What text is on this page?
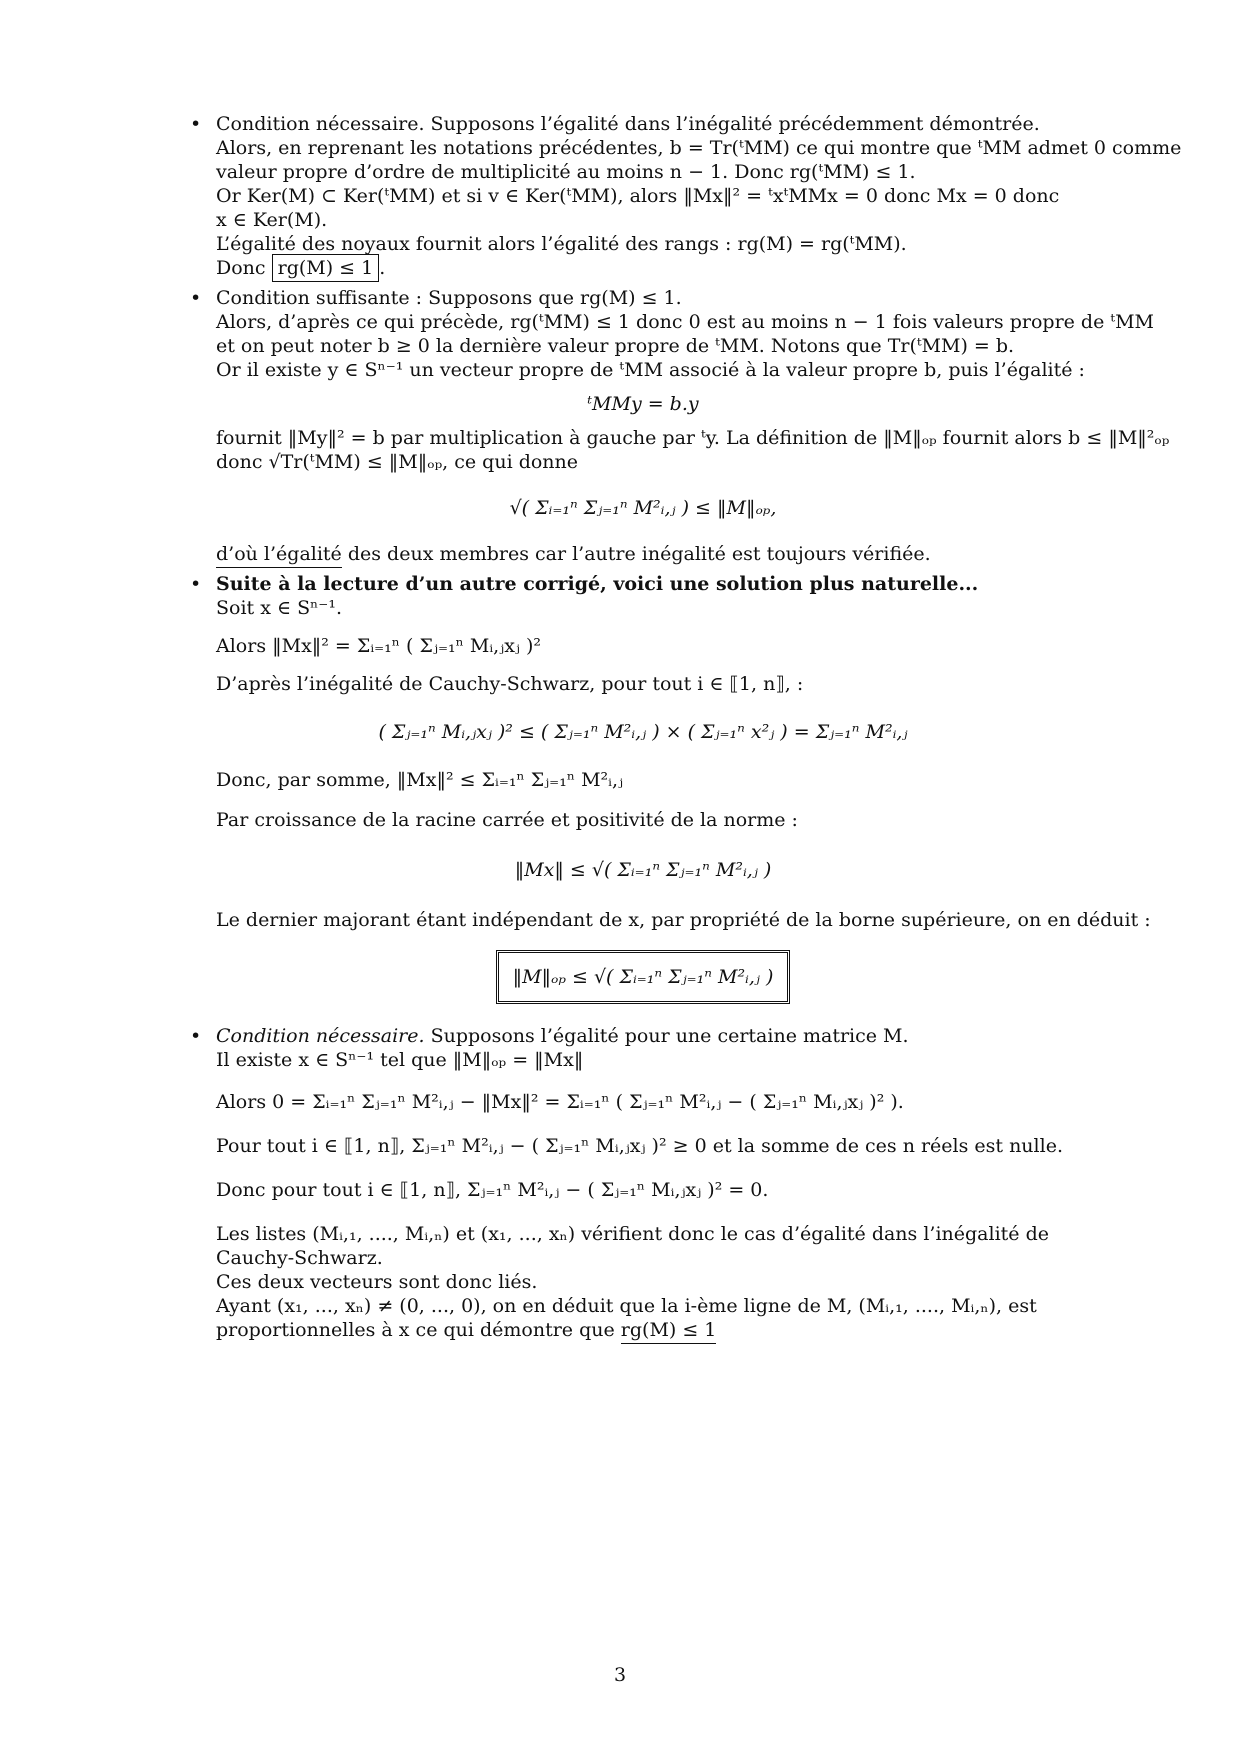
• Condition nécessaire. Supposons l’égalité dans l’inégalité précédemment démontrée.
Alors, en reprenant les notations précédentes, b = Tr(ᵗMM) ce qui montre que ᵗMM admet 0 comme
valeur propre d’ordre de multiplicité au moins n − 1. Donc rg(ᵗMM) ≤ 1.
Or Ker(M) ⊂ Ker(ᵗMM) et si v ∈ Ker(ᵗMM), alors ‖Mx‖² = ᵗxᵗMMx = 0 donc Mx = 0 donc
x ∈ Ker(M).
L’égalité des noyaux fournit alors l’égalité des rangs : rg(M) = rg(ᵗMM).
Donc rg(M) ≤ 1 .
• Condition suffisante : Supposons que rg(M) ≤ 1.
Alors, d’après ce qui précède, rg(ᵗMM) ≤ 1 donc 0 est au moins n − 1 fois valeurs propre de ᵗMM
et on peut noter b ≥ 0 la dernière valeur propre de ᵗMM. Notons que Tr(ᵗMM) = b.
Or il existe y ∈ Sⁿ⁻¹ un vecteur propre de ᵗMM associé à la valeur propre b, puis l’égalité :
ᵗMMy = b.y
fournit ‖My‖² = b par multiplication à gauche par ᵗy. La définition de ‖M‖ₒₚ fournit alors b ≤ ‖M‖²ₒₚ
donc √Tr(ᵗMM) ≤ ‖M‖ₒₚ, ce qui donne
√( Σᵢ₌₁ⁿ Σⱼ₌₁ⁿ M²ᵢ,ⱼ ) ≤ ‖M‖ₒₚ,
d’où l’égalité des deux membres car l’autre inégalité est toujours vérifiée.
• Suite à la lecture d’un autre corrigé, voici une solution plus naturelle...
Soit x ∈ Sⁿ⁻¹.
Alors ‖Mx‖² = Σᵢ₌₁ⁿ ( Σⱼ₌₁ⁿ Mᵢ,ⱼxⱼ )²
D’après l’inégalité de Cauchy-Schwarz, pour tout i ∈ ⟦1, n⟧, :
( Σⱼ₌₁ⁿ Mᵢ,ⱼxⱼ )² ≤ ( Σⱼ₌₁ⁿ M²ᵢ,ⱼ ) × ( Σⱼ₌₁ⁿ x²ⱼ ) = Σⱼ₌₁ⁿ M²ᵢ,ⱼ
Donc, par somme, ‖Mx‖² ≤ Σᵢ₌₁ⁿ Σⱼ₌₁ⁿ M²ᵢ,ⱼ
Par croissance de la racine carrée et positivité de la norme :
‖Mx‖ ≤ √( Σᵢ₌₁ⁿ Σⱼ₌₁ⁿ M²ᵢ,ⱼ )
Le dernier majorant étant indépendant de x, par propriété de la borne supérieure, on en déduit :
‖M‖ₒₚ ≤ √( Σᵢ₌₁ⁿ Σⱼ₌₁ⁿ M²ᵢ,ⱼ )
• Condition nécessaire. Supposons l’égalité pour une certaine matrice M.
Il existe x ∈ Sⁿ⁻¹ tel que ‖M‖ₒₚ = ‖Mx‖
Alors 0 = Σᵢ₌₁ⁿ Σⱼ₌₁ⁿ M²ᵢ,ⱼ − ‖Mx‖² = Σᵢ₌₁ⁿ ( Σⱼ₌₁ⁿ M²ᵢ,ⱼ − ( Σⱼ₌₁ⁿ Mᵢ,ⱼxⱼ )² ).
Pour tout i ∈ ⟦1, n⟧, Σⱼ₌₁ⁿ M²ᵢ,ⱼ − ( Σⱼ₌₁ⁿ Mᵢ,ⱼxⱼ )² ≥ 0 et la somme de ces n réels est nulle.
Donc pour tout i ∈ ⟦1, n⟧, Σⱼ₌₁ⁿ M²ᵢ,ⱼ − ( Σⱼ₌₁ⁿ Mᵢ,ⱼxⱼ )² = 0.
Les listes (Mᵢ,₁, ...., Mᵢ,ₙ) et (x₁, ..., xₙ) vérifient donc le cas d’égalité dans l’inégalité de Cauchy-Schwarz.
Ces deux vecteurs sont donc liés.
Ayant (x₁, ..., xₙ) ≠ (0, ..., 0), on en déduit que la i-ème ligne de M, (Mᵢ,₁, ...., Mᵢ,ₙ), est proportionnelles à x ce qui démontre que rg(M) ≤ 1
3
